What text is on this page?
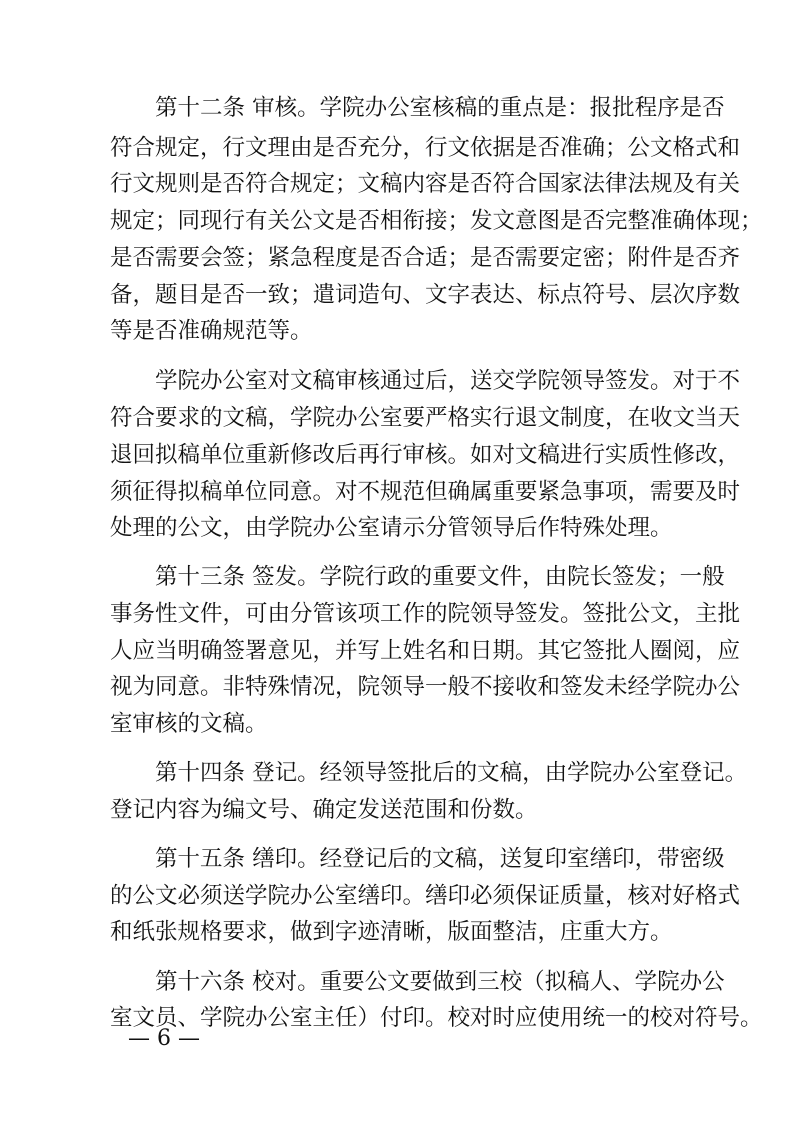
　　第十二条 审核。学院办公室核稿的重点是：报批程序是否
符合规定，行文理由是否充分，行文依据是否准确；公文格式和
行文规则是否符合规定；文稿内容是否符合国家法律法规及有关
规定；同现行有关公文是否相衔接；发文意图是否完整准确体现；
是否需要会签；紧急程度是否合适；是否需要定密；附件是否齐
备，题目是否一致；遣词造句、文字表达、标点符号、层次序数
等是否准确规范等。
　　学院办公室对文稿审核通过后，送交学院领导签发。对于不
符合要求的文稿，学院办公室要严格实行退文制度，在收文当天
退回拟稿单位重新修改后再行审核。如对文稿进行实质性修改，
须征得拟稿单位同意。对不规范但确属重要紧急事项，需要及时
处理的公文，由学院办公室请示分管领导后作特殊处理。
　　第十三条 签发。学院行政的重要文件，由院长签发；一般
事务性文件，可由分管该项工作的院领导签发。签批公文，主批
人应当明确签署意见，并写上姓名和日期。其它签批人圈阅，应
视为同意。非特殊情况，院领导一般不接收和签发未经学院办公
室审核的文稿。
　　第十四条 登记。经领导签批后的文稿，由学院办公室登记。
登记内容为编文号、确定发送范围和份数。
　　第十五条 缮印。经登记后的文稿，送复印室缮印，带密级
的公文必须送学院办公室缮印。缮印必须保证质量，核对好格式
和纸张规格要求，做到字迹清晰，版面整洁，庄重大方。
　　第十六条 校对。重要公文要做到三校（拟稿人、学院办公
室文员、学院办公室主任）付印。校对时应使用统一的校对符号。
— 6 —
